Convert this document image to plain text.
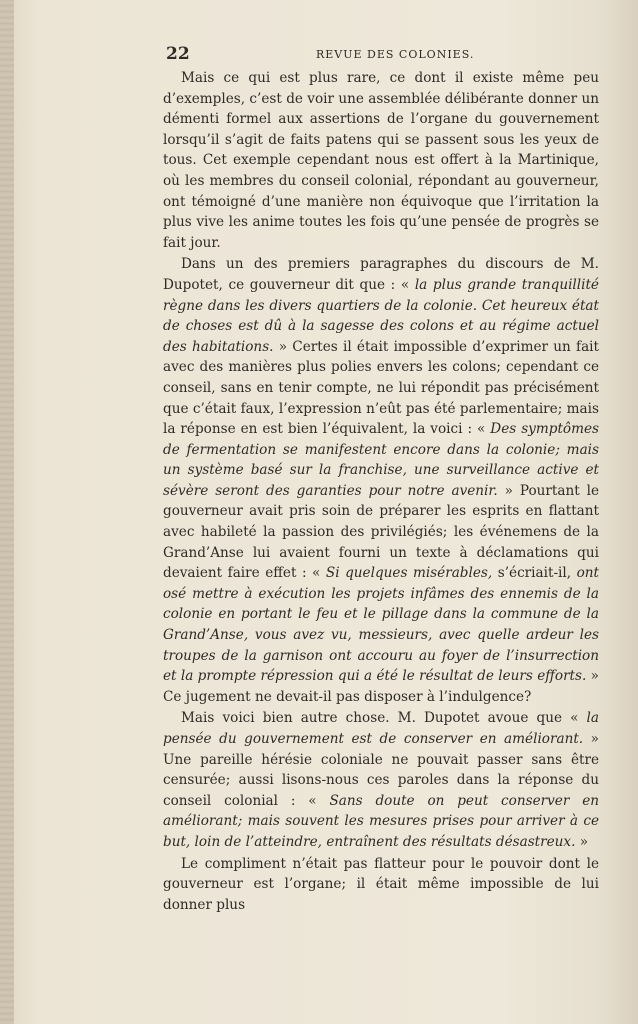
22	REVUE DES COLONIES.

Mais ce qui est plus rare, ce dont il existe même peu d’exemples, c’est de voir une assemblée délibérante donner un démenti formel aux assertions de l’organe du gouvernement lorsqu’il s’agit de faits patens qui se passent sous les yeux de tous. Cet exemple cependant nous est offert à la Martinique, où les membres du conseil colonial, répondant au gouverneur, ont témoigné d’une manière non équivoque que l’irritation la plus vive les anime toutes les fois qu’une pensée de progrès se fait jour.

Dans un des premiers paragraphes du discours de M. Dupotet, ce gouverneur dit que : « la plus grande tranquillité règne dans les divers quartiers de la colonie. Cet heureux état de choses est dû à la sagesse des colons et au régime actuel des habitations. » Certes il était impossible d’exprimer un fait avec des manières plus polies envers les colons; cependant ce conseil, sans en tenir compte, ne lui répondit pas précisément que c’était faux, l’expression n’eût pas été parlementaire; mais la réponse en est bien l’équivalent, la voici : « Des symptômes de fermentation se manifestent encore dans la colonie; mais un système basé sur la franchise, une surveillance active et sévère seront des garanties pour notre avenir. » Pourtant le gouverneur avait pris soin de préparer les esprits en flattant avec habileté la passion des privilégiés; les événemens de la Grand’Anse lui avaient fourni un texte à déclamations qui devaient faire effet : « Si quelques misérables, s’écriait-il, ont osé mettre à exécution les projets infâmes des ennemis de la colonie en portant le feu et le pillage dans la commune de la Grand’Anse, vous avez vu, messieurs, avec quelle ardeur les troupes de la garnison ont accouru au foyer de l’insurrection et la prompte répression qui a été le résultat de leurs efforts. » Ce jugement ne devait-il pas disposer à l’indulgence?

Mais voici bien autre chose. M. Dupotet avoue que « la pensée du gouvernement est de conserver en améliorant. » Une pareille hérésie coloniale ne pouvait passer sans être censurée; aussi lisons-nous ces paroles dans la réponse du conseil colonial : « Sans doute on peut conserver en améliorant; mais souvent les mesures prises pour arriver à ce but, loin de l’atteindre, entraînent des résultats désastreux. »

Le compliment n’était pas flatteur pour le pouvoir dont le gouverneur est l’organe; il était même impossible de lui donner plus
